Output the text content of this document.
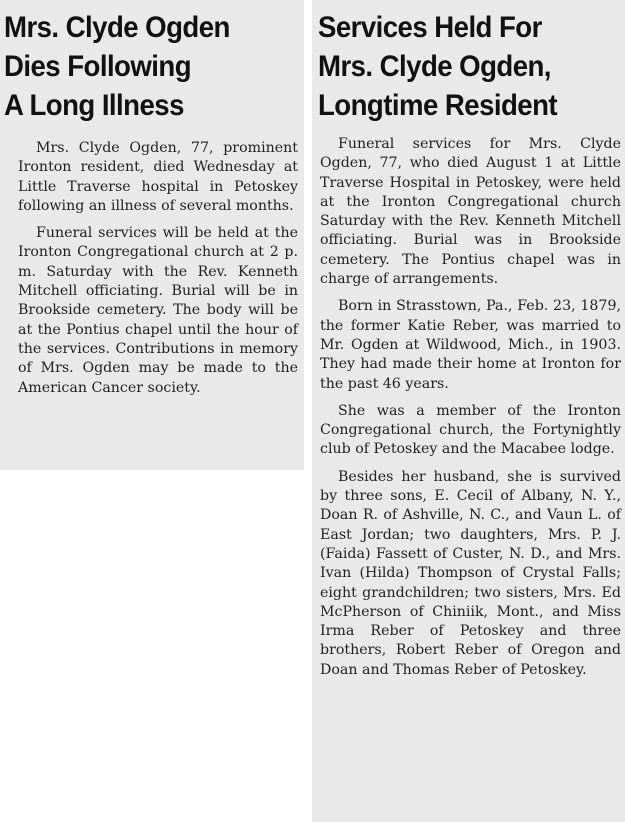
Mrs. Clyde Ogden
Dies Following
A Long Illness

Mrs. Clyde Ogden, 77, prominent Ironton resident, died Wednesday at Little Traverse hospital in Petoskey following an illness of several months.

Funeral services will be held at the Ironton Congregational church at 2 p. m. Saturday with the Rev. Kenneth Mitchell officiating. Burial will be in Brookside cemetery. The body will be at the Pontius chapel until the hour of the services. Contributions in memory of Mrs. Ogden may be made to the American Cancer society.

Services Held For
Mrs. Clyde Ogden,
Longtime Resident

Funeral services for Mrs. Clyde Ogden, 77, who died August 1 at Little Traverse Hospital in Petoskey, were held at the Ironton Congregational church Saturday with the Rev. Kenneth Mitchell officiating. Burial was in Brookside cemetery. The Pontius chapel was in charge of arrangements.

Born in Strasstown, Pa., Feb. 23, 1879, the former Katie Reber, was married to Mr. Ogden at Wildwood, Mich., in 1903. They had made their home at Ironton for the past 46 years.

She was a member of the Ironton Congregational church, the Fortynightly club of Petoskey and the Macabee lodge.

Besides her husband, she is survived by three sons, E. Cecil of Albany, N. Y., Doan R. of Ashville, N. C., and Vaun L. of East Jordan; two daughters, Mrs. P. J. (Faida) Fassett of Custer, N. D., and Mrs. Ivan (Hilda) Thompson of Crystal Falls; eight grandchildren; two sisters, Mrs. Ed McPherson of Chiniik, Mont., and Miss Irma Reber of Petoskey and three brothers, Robert Reber of Oregon and Doan and Thomas Reber of Petoskey.
